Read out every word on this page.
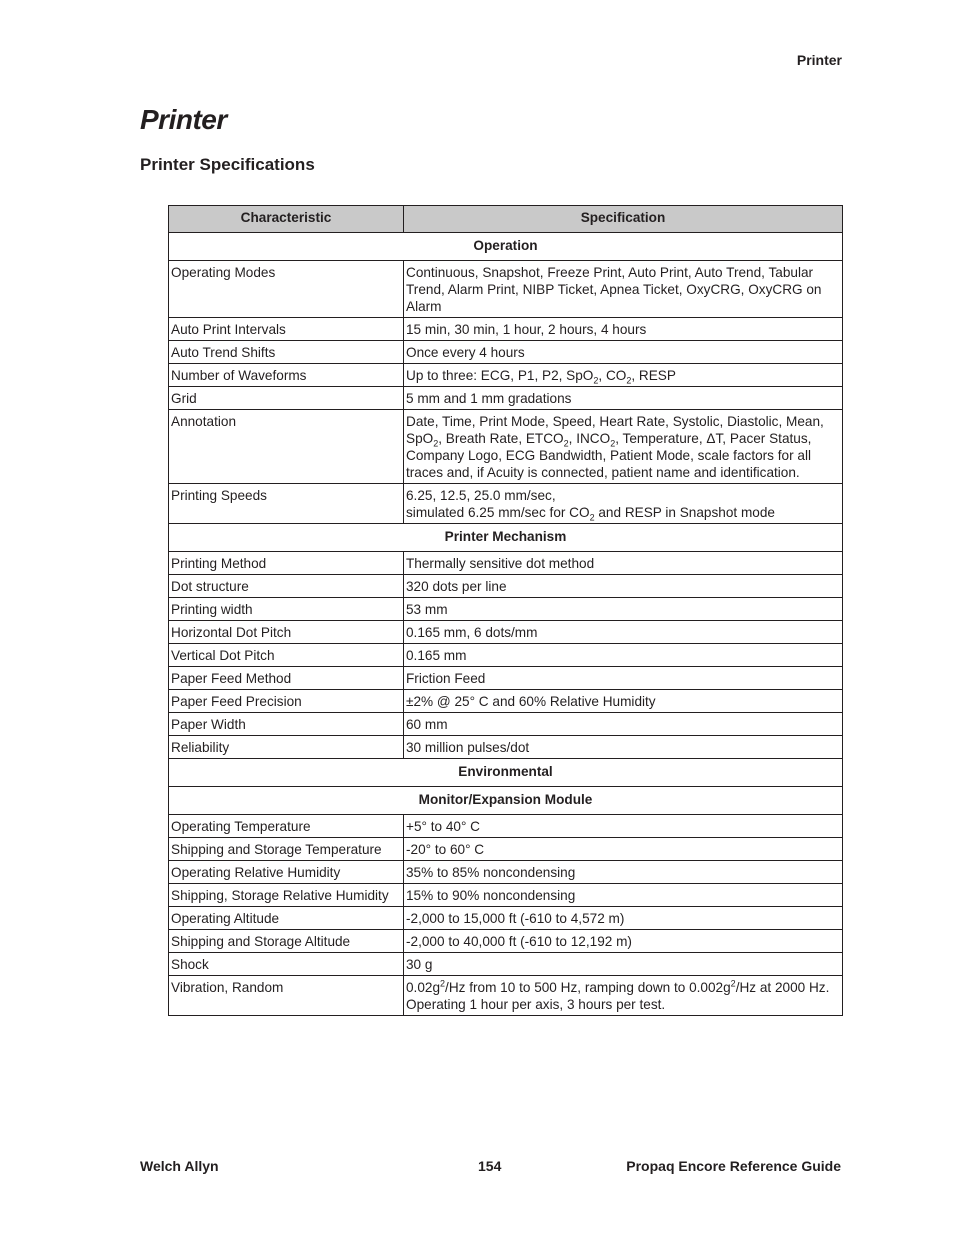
Printer
Printer
Printer Specifications
Characteristic	Specification
Operation	
Operating Modes	Continuous, Snapshot, Freeze Print, Auto Print, Auto Trend, Tabular Trend, Alarm Print, NIBP Ticket, Apnea Ticket, OxyCRG, OxyCRG on Alarm
Auto Print Intervals	15 min, 30 min, 1 hour, 2 hours, 4 hours
Auto Trend Shifts	Once every 4 hours
Number of Waveforms	Up to three: ECG, P1, P2, SpO$_2$, $CO_2$, RESP
Grid	5 mm and 1 mm gradations
Annotation	Date, Time, Print Mode, Speed, Heart Rate, Systolic, Diastolic, Mean, SpO$_2$, Breath Rate, $ETCO_2$, $INCO_2$, Temperature, ΔT, Pacer Status, Company Logo, ECG Bandwidth, Patient Mode, scale factors for all traces and, if Acuity is connected, patient name and identification.
Printing Speeds	6.25, 12.5, 25.0 mm/sec,
simulated 6.25 mm/sec for $CO_2$ and RESP in Snapshot mode
Printer Mechanism	
Printing Method	Thermally sensitive dot method
Dot structure	320 dots per line
Printing width	53 mm
Horizontal Dot Pitch	0.165 mm, 6 dots/mm
Vertical Dot Pitch	0.165 mm
Paper Feed Method	Friction Feed
Paper Feed Precision	±2% @ 25° C and 60% Relative Humidity
Paper Width	60 mm
Reliability	30 million pulses/dot
Environmental	
Monitor/Expansion Module	
Operating Temperature	+5° to 40° C
Shipping and Storage Temperature	-20° to 60° C
Operating Relative Humidity	35% to 85% noncondensing
Shipping, Storage Relative Humidity	15% to 90% noncondensing
Operating Altitude	-2,000 to 15,000 ft (-610 to 4,572 m)
Shipping and Storage Altitude	-2,000 to 40,000 ft (-610 to 12,192 m)
Shock	30 g
Vibration, Random	$0.02g^2/Hz$ from 10 to 500 Hz, ramping down to $0.002g^2/Hz$ at 2000 Hz. Operating 1 hour per axis, 3 hours per test.
Welch Allyn	154	Propaq Encore Reference Guide
